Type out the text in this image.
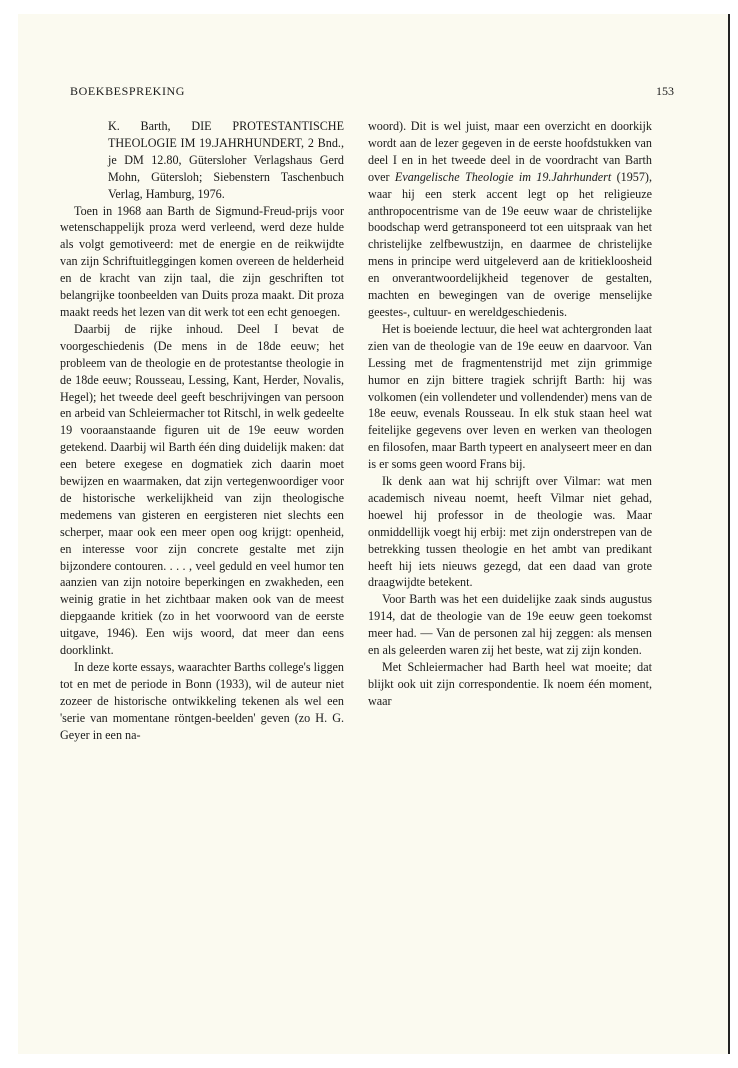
BOEKBESPREKING	153
K. Barth, DIE PROTESTANTISCHE THEOLOGIE IM 19.JAHRHUNDERT, 2 Bnd., je DM 12.80, Gütersloher Verlagshaus Gerd Mohn, Gütersloh; Siebenstern Taschenbuch Verlag, Hamburg, 1976.

Toen in 1968 aan Barth de Sigmund-Freud-prijs voor wetenschappelijk proza werd verleend, werd deze hulde als volgt gemotiveerd: met de energie en de reikwijdte van zijn Schriftuitleggingen komen overeen de helderheid en de kracht van zijn taal, die zijn geschriften tot belangrijke toonbeelden van Duits proza maakt. Dit proza maakt reeds het lezen van dit werk tot een echt genoegen.

Daarbij de rijke inhoud. Deel I bevat de voorgeschiedenis (De mens in de 18de eeuw; het probleem van de theologie en de protestantse theologie in de 18de eeuw; Rousseau, Lessing, Kant, Herder, Novalis, Hegel); het tweede deel geeft beschrijvingen van persoon en arbeid van Schleiermacher tot Ritschl, in welk gedeelte 19 vooraanstaande figuren uit de 19e eeuw worden getekend. Daarbij wil Barth één ding duidelijk maken: dat een betere exegese en dogmatiek zich daarin moet bewijzen en waarmaken, dat zijn vertegenwoordiger voor de historische werkelijkheid van zijn theologische medemens van gisteren en eergisteren niet slechts een scherper, maar ook een meer open oog krijgt: openheid, en interesse voor zijn concrete gestalte met zijn bijzondere contouren. . . . , veel geduld en veel humor ten aanzien van zijn notoire beperkingen en zwakheden, een weinig gratie in het zichtbaar maken ook van de meest diepgaande kritiek (zo in het voorwoord van de eerste uitgave, 1946). Een wijs woord, dat meer dan eens doorklinkt.

In deze korte essays, waarachter Barths college's liggen tot en met de periode in Bonn (1933), wil de auteur niet zozeer de historische ontwikkeling tekenen als wel een 'serie van momentane röntgen-beelden' geven (zo H. G. Geyer in een na-

woord). Dit is wel juist, maar een overzicht en doorkijk wordt aan de lezer gegeven in de eerste hoofdstukken van deel I en in het tweede deel in de voordracht van Barth over Evangelische Theologie im 19.Jahrhundert (1957), waar hij een sterk accent legt op het religieuze anthropocentrisme van de 19e eeuw waar de christelijke boodschap werd getransponeerd tot een uitspraak van het christelijke zelfbewustzijn, en daarmee de christelijke mens in principe werd uitgeleverd aan de kritiekloosheid en onverantwoordelijkheid tegenover de gestalten, machten en bewegingen van de overige menselijke geestes-, cultuur- en wereldgeschiedenis.

Het is boeiende lectuur, die heel wat achtergronden laat zien van de theologie van de 19e eeuw en daarvoor. Van Lessing met de fragmentenstrijd met zijn grimmige humor en zijn bittere tragiek schrijft Barth: hij was volkomen (ein vollendeter und vollendender) mens van de 18e eeuw, evenals Rousseau. In elk stuk staan heel wat feitelijke gegevens over leven en werken van theologen en filosofen, maar Barth typeert en analyseert meer en dan is er soms geen woord Frans bij.

Ik denk aan wat hij schrijft over Vilmar: wat men academisch niveau noemt, heeft Vilmar niet gehad, hoewel hij professor in de theologie was. Maar onmiddellijk voegt hij erbij: met zijn onderstrepen van de betrekking tussen theologie en het ambt van predikant heeft hij iets nieuws gezegd, dat een daad van grote draagwijdte betekent.

Voor Barth was het een duidelijke zaak sinds augustus 1914, dat de theologie van de 19e eeuw geen toekomst meer had. — Van de personen zal hij zeggen: als mensen en als geleerden waren zij het beste, wat zij zijn konden.

Met Schleiermacher had Barth heel wat moeite; dat blijkt ook uit zijn correspondentie. Ik noem één moment, waar
